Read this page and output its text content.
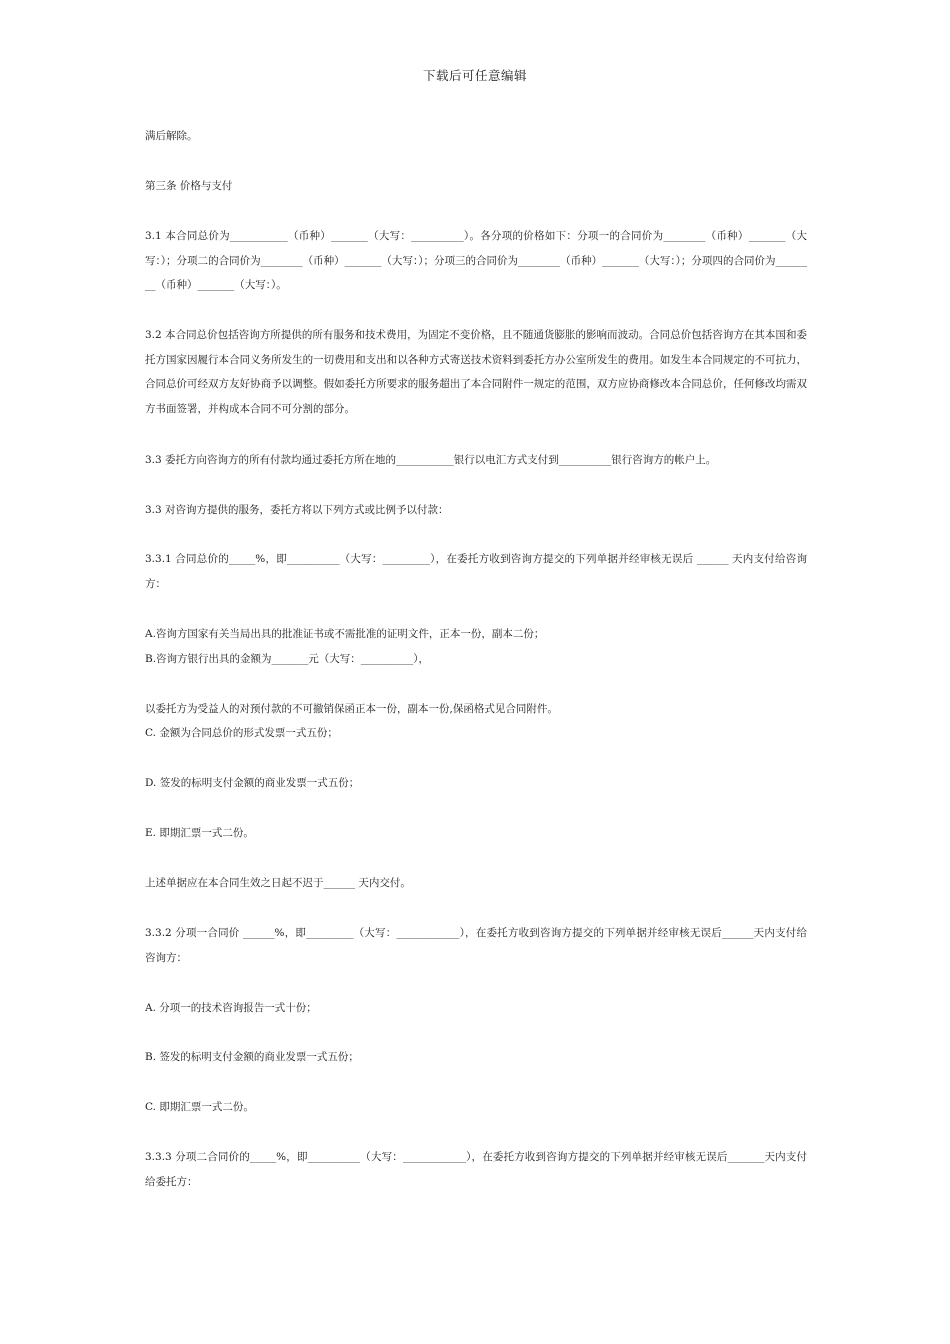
下载后可任意编辑
满后解除。
第三条 价格与支付
3.1 本合同总价为___________（币种）_______（大写：__________）。各分项的价格如下：分项一的合同价为________（币种）_______（大写：）；分项二的合同价为________（币种）_______（大写：）；分项三的合同价为________（币种）_______（大写：）；分项四的合同价为________（币种）_______（大写：）。
3.2 本合同总价包括咨询方所提供的所有服务和技术费用，为固定不变价格，且不随通货膨胀的影响而波动。合同总价包括咨询方在其本国和委托方国家因履行本合同义务所发生的一切费用和支出和以各种方式寄送技术资料到委托方办公室所发生的费用。如发生本合同规定的不可抗力，合同总价可经双方友好协商予以调整。假如委托方所要求的服务超出了本合同附件一规定的范围，双方应协商修改本合同总价，任何修改均需双方书面签署，并构成本合同不可分割的部分。
3.3 委托方向咨询方的所有付款均通过委托方所在地的___________银行以电汇方式支付到__________银行咨询方的帐户上。
3.3 对咨询方提供的服务，委托方将以下列方式或比例予以付款：
3.3.1 合同总价的_____%，即__________（大写：_________），在委托方收到咨询方提交的下列单据并经审核无误后 ______ 天内支付给咨询方：
A.咨询方国家有关当局出具的批准证书或不需批准的证明文件，正本一份，副本二份；
B.咨询方银行出具的金额为_______元（大写：__________），
以委托方为受益人的对预付款的不可撤销保函正本一份，副本一份,保函格式见合同附件。
C. 金额为合同总价的形式发票一式五份；
D. 签发的标明支付金额的商业发票一式五份；
E. 即期汇票一式二份。
上述单据应在本合同生效之日起不迟于______ 天内交付。
3.3.2 分项一合同价 ______%，即_________（大写：____________），在委托方收到咨询方提交的下列单据并经审核无误后______天内支付给咨询方：
A. 分项一的技术咨询报告一式十份；
B. 签发的标明支付金额的商业发票一式五份；
C. 即期汇票一式二份。
3.3.3 分项二合同价的_____%，即__________（大写：____________），在委托方收到咨询方提交的下列单据并经审核无误后_______天内支付给委托方：
